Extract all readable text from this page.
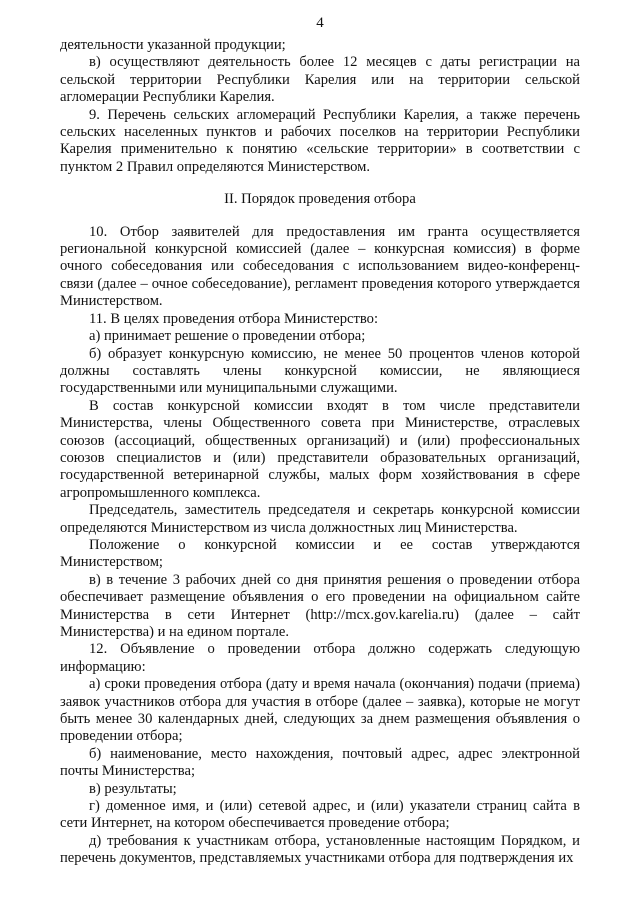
4

деятельности указанной продукции;

в) осуществляют деятельность более 12 месяцев с даты регистрации на сельской территории Республики Карелия или на территории сельской агломерации Республики Карелия.

9. Перечень сельских агломераций Республики Карелия, а также перечень сельских населенных пунктов и рабочих поселков на территории Республики Карелия применительно к понятию «сельские территории» в соответствии с пунктом 2 Правил определяются Министерством.

II. Порядок проведения отбора

10. Отбор заявителей для предоставления им гранта осуществляется региональной конкурсной комиссией (далее – конкурсная комиссия) в форме очного собеседования или собеседования с использованием видео-конференц-связи (далее – очное собеседование), регламент проведения которого утверждается Министерством.

11. В целях проведения отбора Министерство:

а) принимает решение о проведении отбора;

б) образует конкурсную комиссию, не менее 50 процентов членов которой должны составлять члены конкурсной комиссии, не являющиеся государственными или муниципальными служащими.

В состав конкурсной комиссии входят в том числе представители Министерства, члены Общественного совета при Министерстве, отраслевых союзов (ассоциаций, общественных организаций) и (или) профессиональных союзов специалистов и (или) представители образовательных организаций, государственной ветеринарной службы, малых форм хозяйствования в сфере агропромышленного комплекса.

Председатель, заместитель председателя и секретарь конкурсной комиссии определяются Министерством из числа должностных лиц Министерства.

Положение о конкурсной комиссии и ее состав утверждаются Министерством;

в) в течение 3 рабочих дней со дня принятия решения о проведении отбора обеспечивает размещение объявления о его проведении на официальном сайте Министерства в сети Интернет (http://mcx.gov.karelia.ru) (далее – сайт Министерства) и на едином портале.

12. Объявление о проведении отбора должно содержать следующую информацию:

а) сроки проведения отбора (дату и время начала (окончания) подачи (приема) заявок участников отбора для участия в отборе (далее – заявка), которые не могут быть менее 30 календарных дней, следующих за днем размещения объявления о проведении отбора;

б) наименование, место нахождения, почтовый адрес, адрес электронной почты Министерства;

в) результаты;

г) доменное имя, и (или) сетевой адрес, и (или) указатели страниц сайта в сети Интернет, на котором обеспечивается проведение отбора;

д) требования к участникам отбора, установленные настоящим Порядком, и перечень документов, представляемых участниками отбора для подтверждения их
